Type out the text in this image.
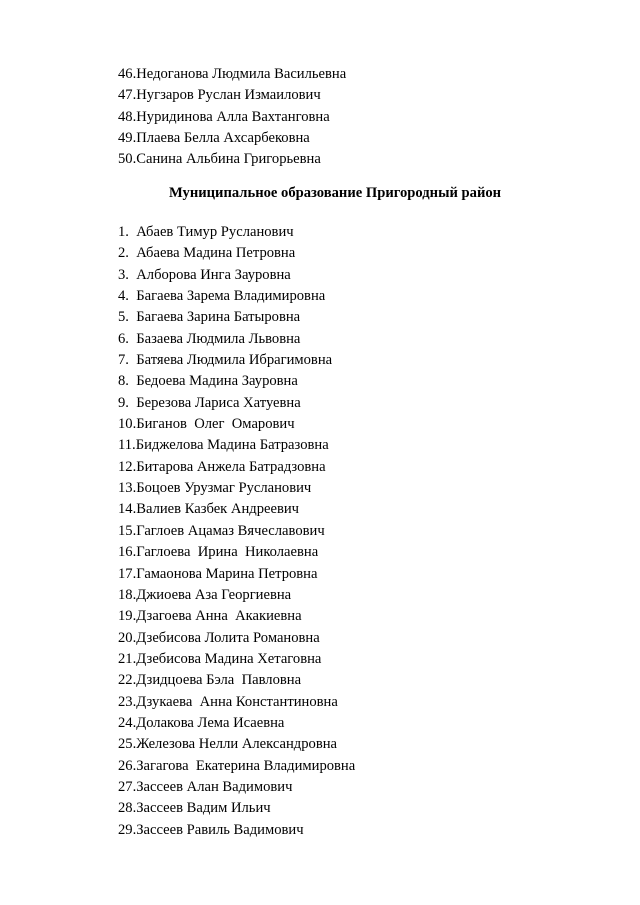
46.Недоганова Людмила Васильевна
47.Нугзаров Руслан Измаилович
48.Нуридинова Алла Вахтанговна
49.Плаева Белла Ахсарбековна
50.Санина Альбина Григорьевна
Муниципальное образование Пригородный район
1.  Абаев Тимур Русланович
2.  Абаева Мадина Петровна
3.  Алборова Инга Зауровна
4.  Багаева Зарема Владимировна
5.  Багаева Зарина Батыровна
6.  Базаева Людмила Львовна
7.  Батяева Людмила Ибрагимовна
8.  Бедоева Мадина Зауровна
9.  Березова Лариса Хатуевна
10.Биганов  Олег  Омарович
11.Биджелова Мадина Батразовна
12.Битарова Анжела Батрадзовна
13.Боцоев Урузмаг Русланович
14.Валиев Казбек Андреевич
15.Гаглоев Ацамаз Вячеславович
16.Гаглоева  Ирина  Николаевна
17.Гамаонова Марина Петровна
18.Джиоева Аза Георгиевна
19.Дзагоева Анна  Акакиевна
20.Дзебисова Лолита Романовна
21.Дзебисова Мадина Хетаговна
22.Дзидцоева Бэла  Павловна
23.Дзукаева  Анна Константиновна
24.Долакова Лема Исаевна
25.Железова Нелли Александровна
26.Загагова  Екатерина Владимировна
27.Зассеев Алан Вадимович
28.Зассеев Вадим Ильич
29.Зассеев Равиль Вадимович
